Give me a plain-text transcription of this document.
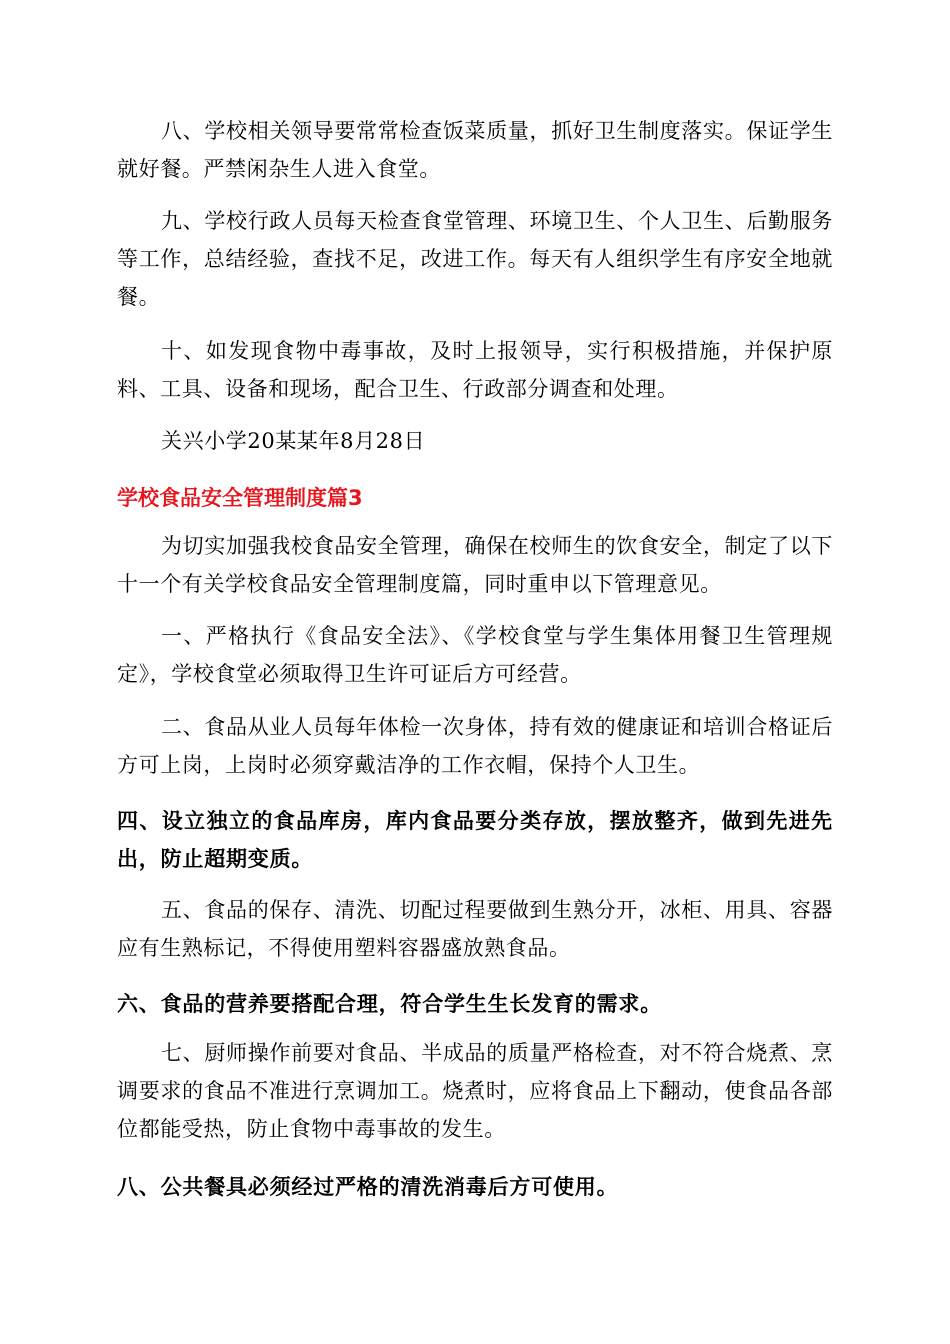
八、学校相关领导要常常检查饭菜质量，抓好卫生制度落实。保证学生就好餐。严禁闲杂生人进入食堂。

九、学校行政人员每天检查食堂管理、环境卫生、个人卫生、后勤服务等工作，总结经验，查找不足，改进工作。每天有人组织学生有序安全地就餐。

十、如发现食物中毒事故，及时上报领导，实行积极措施，并保护原料、工具、设备和现场，配合卫生、行政部分调查和处理。

关兴小学20某某年8月28日

学校食品安全管理制度篇3

为切实加强我校食品安全管理，确保在校师生的饮食安全，制定了以下十一个有关学校食品安全管理制度篇，同时重申以下管理意见。

一、严格执行《食品安全法》、《学校食堂与学生集体用餐卫生管理规定》，学校食堂必须取得卫生许可证后方可经营。

二、食品从业人员每年体检一次身体，持有效的健康证和培训合格证后方可上岗，上岗时必须穿戴洁净的工作衣帽，保持个人卫生。

四、设立独立的食品库房，库内食品要分类存放，摆放整齐，做到先进先出，防止超期变质。

五、食品的保存、清洗、切配过程要做到生熟分开，冰柜、用具、容器应有生熟标记，不得使用塑料容器盛放熟食品。

六、食品的营养要搭配合理，符合学生生长发育的需求。

七、厨师操作前要对食品、半成品的质量严格检查，对不符合烧煮、烹调要求的食品不准进行烹调加工。烧煮时，应将食品上下翻动，使食品各部位都能受热，防止食物中毒事故的发生。

八、公共餐具必须经过严格的清洗消毒后方可使用。
